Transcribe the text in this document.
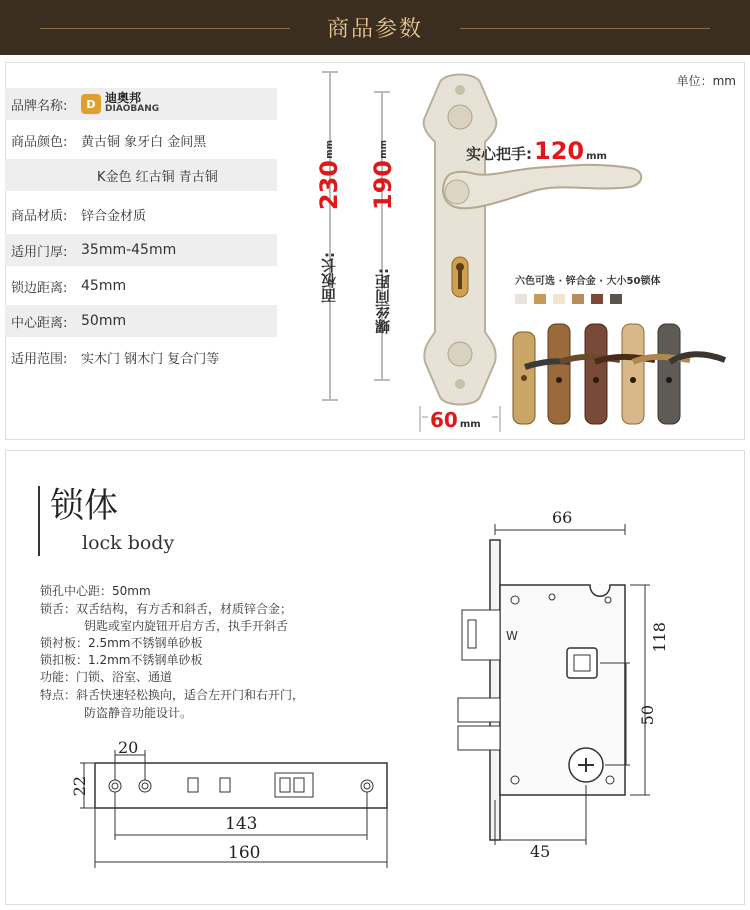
商品参数
品牌名称:	D 迪奥邦
DIAOBANG
商品颜色:	黄古铜 象牙白 金间黑
K金色 红古铜 青古铜
商品材质:	锌合金材质
适用门厚: 35mm-45mm
锁边距离: 45mm
中心距离: 50mm
适用范围:	实木门 钢木门 复合门等
单位：mm
面板长:
230
mm
螺丝间距:
190
mm	实心把手: 120 mm
60 mm
六色可选 · 锌合金 · 大小50锁体
锁体
lock body
锁孔中心距：50mm
锁舌：双舌结构，有方舌和斜舌，材质锌合金；
钥匙或室内旋钮开启方舌，执手开斜舌
锁衬板：2.5mm不锈钢单砂板
锁扣板：1.2mm不锈钢单砂板
功能：门锁、浴室、通道
特点：斜舌快速轻松换向，适合左开门和右开门，
防盗静音功能设计。
W
66
118
50
45
20
22
143
160
